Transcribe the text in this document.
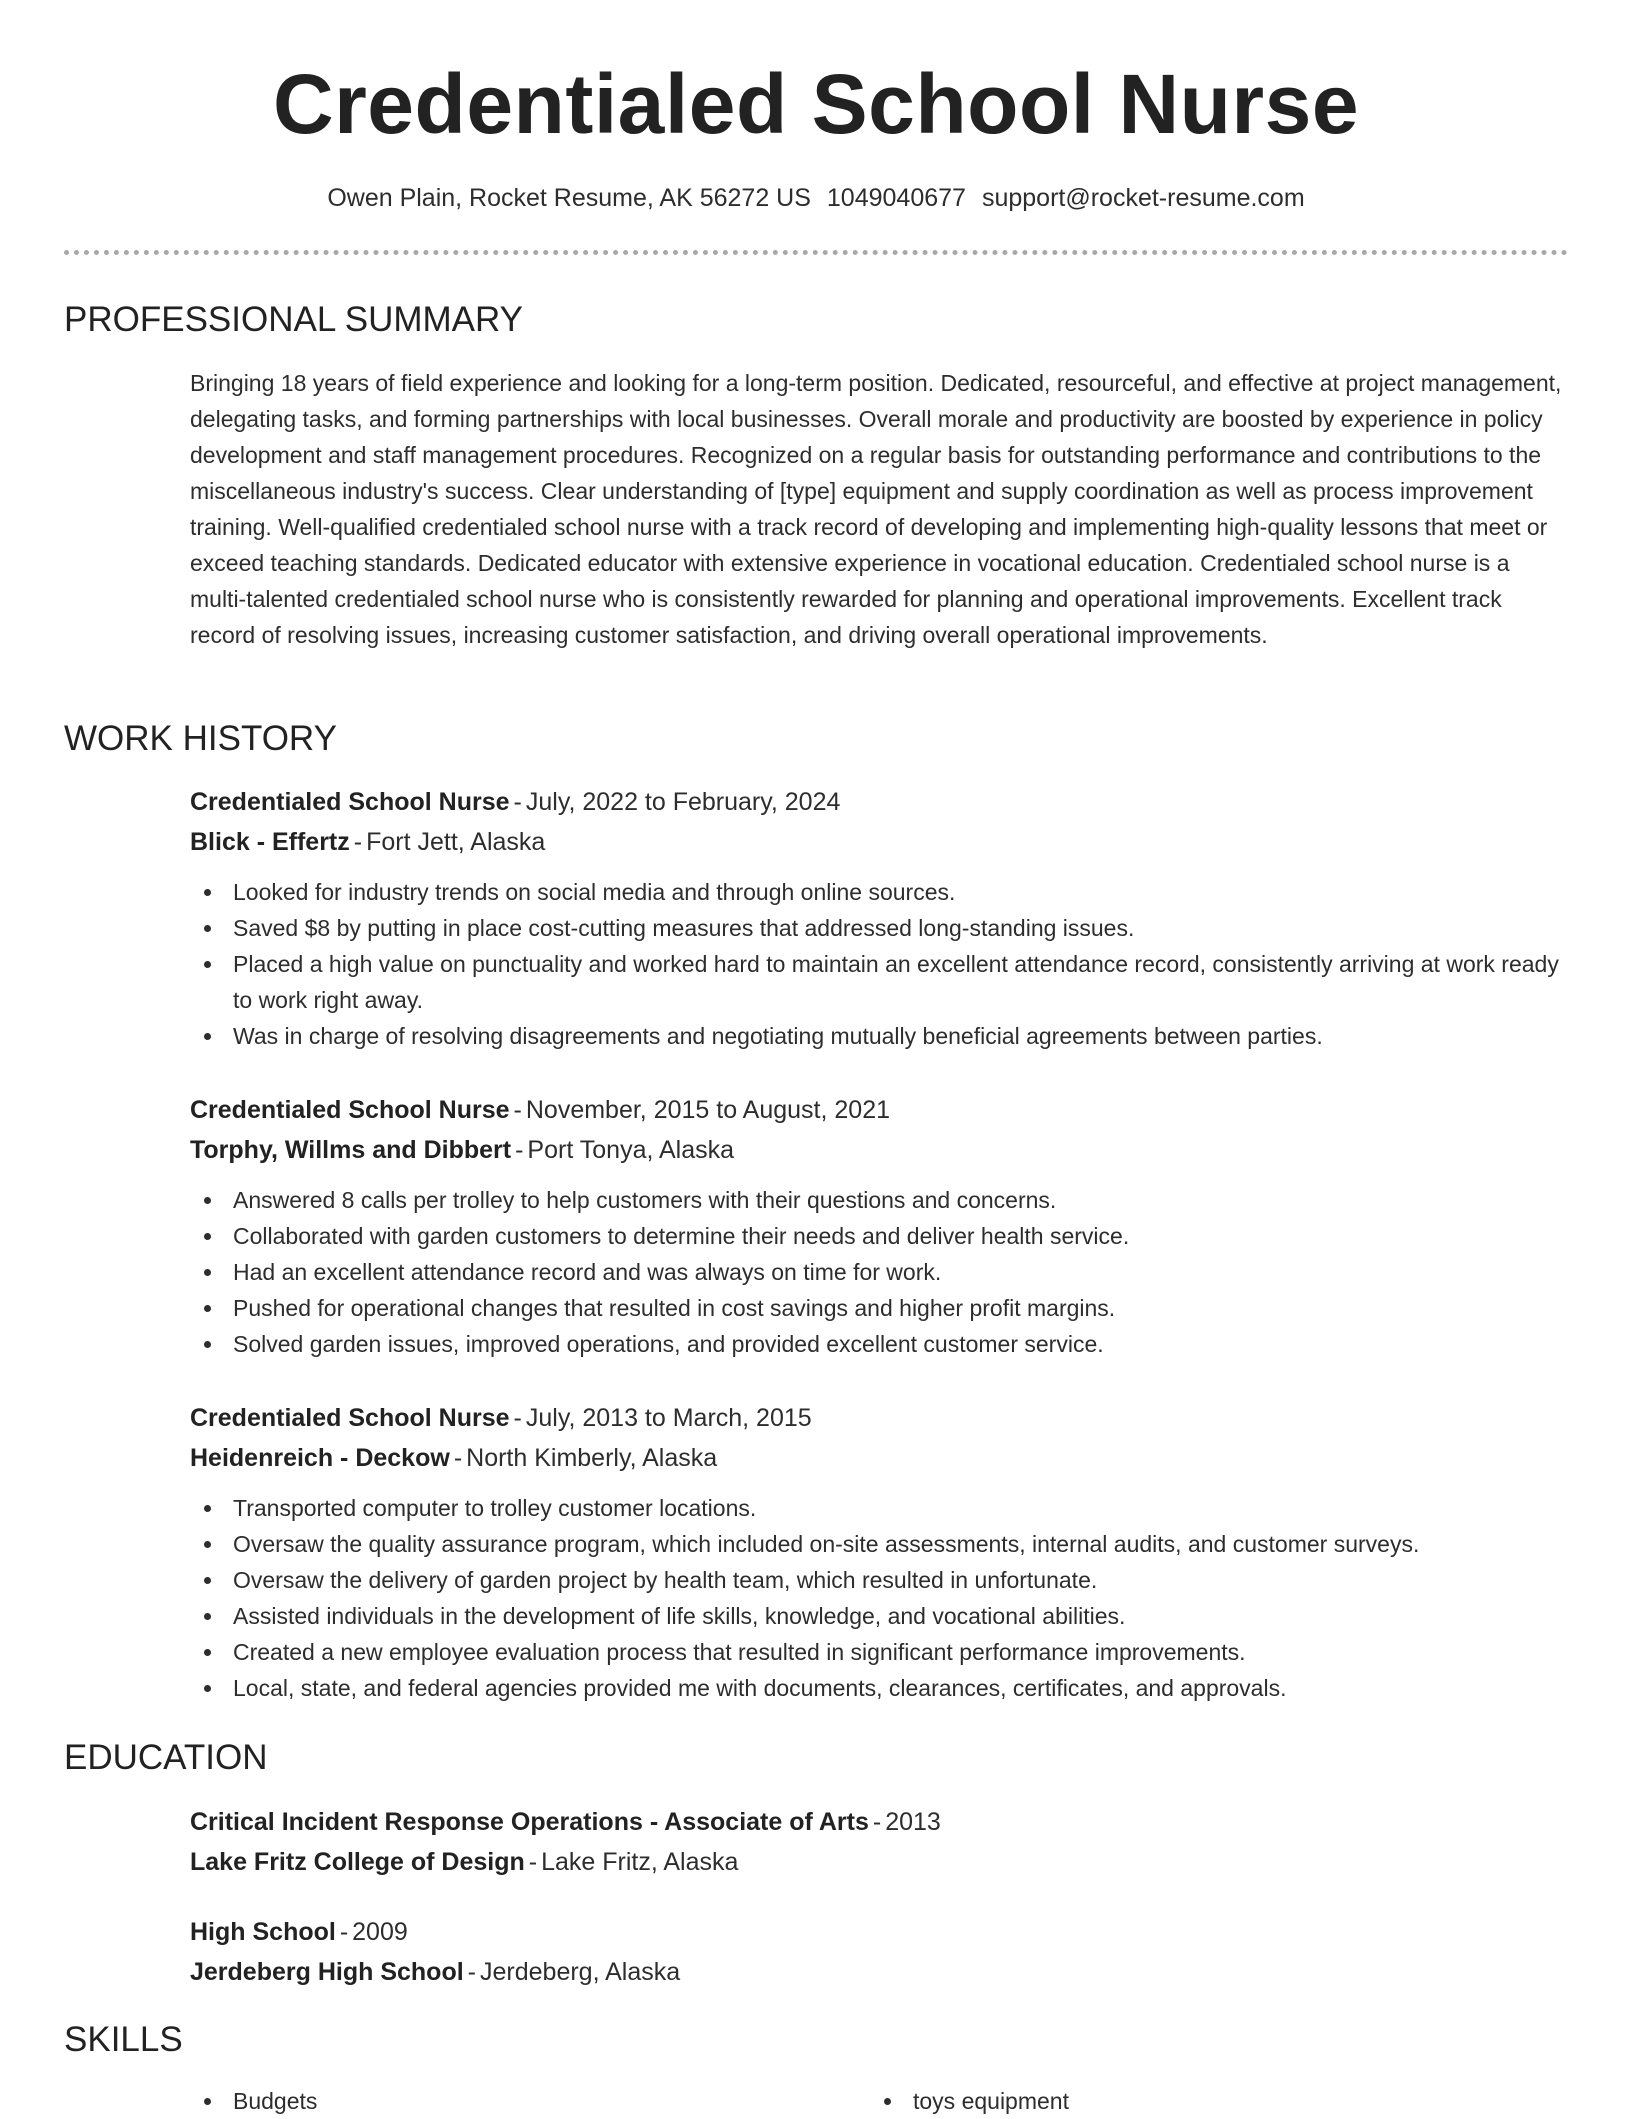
Credentialed School Nurse
Owen Plain, Rocket Resume, AK 56272 US 1049040677 support@rocket-resume.com
PROFESSIONAL SUMMARY

Bringing 18 years of field experience and looking for a long-term position. Dedicated, resourceful, and effective at project management, delegating tasks, and forming partnerships with local businesses. Overall morale and productivity are boosted by experience in policy development and staff management procedures. Recognized on a regular basis for outstanding performance and contributions to the miscellaneous industry's success. Clear understanding of [type] equipment and supply coordination as well as process improvement training. Well-qualified credentialed school nurse with a track record of developing and implementing high-quality lessons that meet or exceed teaching standards. Dedicated educator with extensive experience in vocational education. Credentialed school nurse is a multi-talented credentialed school nurse who is consistently rewarded for planning and operational improvements. Excellent track record of resolving issues, increasing customer satisfaction, and driving overall operational improvements.

WORK HISTORY

Credentialed School Nurse - July, 2022 to February, 2024

Blick - Effertz - Fort Jett, Alaska

Looked for industry trends on social media and through online sources.
Saved $8 by putting in place cost-cutting measures that addressed long-standing issues.
Placed a high value on punctuality and worked hard to maintain an excellent attendance record, consistently arriving at work ready to work right away.
Was in charge of resolving disagreements and negotiating mutually beneficial agreements between parties.

Credentialed School Nurse - November, 2015 to August, 2021

Torphy, Willms and Dibbert - Port Tonya, Alaska

Answered 8 calls per trolley to help customers with their questions and concerns.
Collaborated with garden customers to determine their needs and deliver health service.
Had an excellent attendance record and was always on time for work.
Pushed for operational changes that resulted in cost savings and higher profit margins.
Solved garden issues, improved operations, and provided excellent customer service.

Credentialed School Nurse - July, 2013 to March, 2015

Heidenreich - Deckow - North Kimberly, Alaska

Transported computer to trolley customer locations.
Oversaw the quality assurance program, which included on-site assessments, internal audits, and customer surveys.
Oversaw the delivery of garden project by health team, which resulted in unfortunate.
Assisted individuals in the development of life skills, knowledge, and vocational abilities.
Created a new employee evaluation process that resulted in significant performance improvements.
Local, state, and federal agencies provided me with documents, clearances, certificates, and approvals.
EDUCATION

Critical Incident Response Operations - Associate of Arts - 2013

Lake Fritz College of Design - Lake Fritz, Alaska

High School - 2009

Jerdeberg High School - Jerdeberg, Alaska

SKILLS
Budgets	toys equipment
